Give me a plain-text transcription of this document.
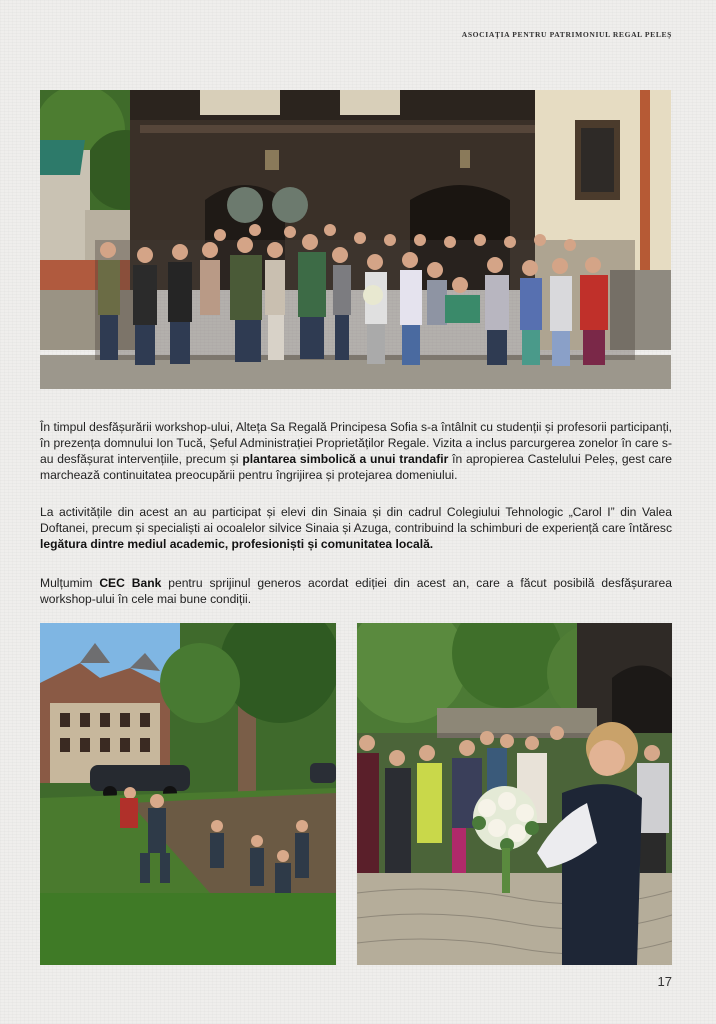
ASOCIAȚIA PENTRU PATRIMONIUL REGAL PELEȘ

În timpul desfășurării workshop-ului, Alteța Sa Regală Principesa Sofia s-a întâlnit cu studenții și profesorii participanți, în prezența domnului Ion Tucă, Șeful Administrației Proprietăților Regale. Vizita a inclus parcurgerea zonelor în care s-au desfășurat intervențiile, precum și plantarea simbolică a unui trandafir în apropierea Castelului Peleș, gest care marchează continuitatea preocupării pentru îngrijirea și protejarea domeniului.

La activitățile din acest an au participat și elevi din Sinaia și din cadrul Colegiului Tehnologic „Carol I” din Valea Doftanei, precum și specialiști ai ocoalelor silvice Sinaia și Azuga, contribuind la schimburi de experiență care întăresc legătura dintre mediul academic, profesioniști și comunitatea locală.

Mulțumim CEC Bank pentru sprijinul generos acordat ediției din acest an, care a făcut posibilă desfășurarea workshop-ului în cele mai bune condiții.

17
